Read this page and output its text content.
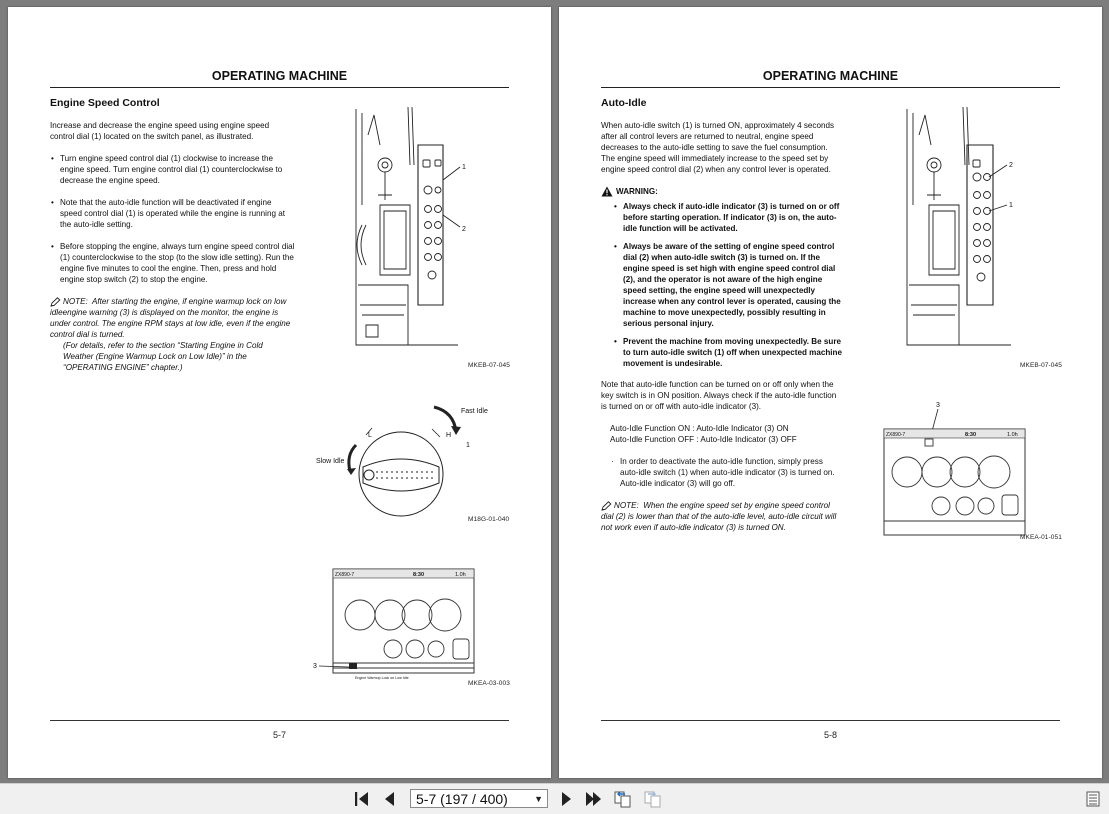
OPERATING MACHINE
Engine Speed Control

Increase and decrease the engine speed using engine speed control dial (1) located on the switch panel, as illustrated.

• Turn engine speed control dial (1) clockwise to increase the engine speed. Turn engine control dial (1) counterclockwise to decrease the engine speed.
• Note that the auto-idle function will be deactivated if engine speed control dial (1) is operated while the engine is running at the auto-idle setting.
• Before stopping the engine, always turn engine speed control dial (1) counterclockwise to the stop (to the slow idle setting). Run the engine five minutes to cool the engine. Then, press and hold engine stop switch (2) to stop the engine.
NOTE: After starting the engine, if engine warmup lock on low idleengine warning (3) is displayed on the monitor, the engine is under control. The engine RPM stays at low idle, even if the engine control dial is turned.

(For details, refer to the section “Starting Engine in Cold Weather (Engine Warmup Lock on Low Idle)” in the “OPERATING ENGINE” chapter.)
1
2
MKEB-07-045
L	H
Fast Idle
Slow Idle
1
M18G-01-040
ZX890-7	8:30	1.0h
Engine Warmup Lock on Low Idle
3
MKEA-03-003
5-7
OPERATING MACHINE
Auto-Idle

When auto-idle switch (1) is turned ON, approximately 4 seconds after all control levers are returned to neutral, engine speed decreases to the auto-idle setting to save the fuel consumption.

The engine speed will immediately increase to the speed set by engine speed control dial (2) when any control lever is operated.

WARNING:
• Always check if auto-idle indicator (3) is turned on or off before starting operation. If indicator (3) is on, the auto-idle function will be activated.
• Always be aware of the setting of engine speed control dial (2) when auto-idle switch (3) is turned on. If the engine speed is set high with engine speed control dial (2), and the operator is not aware of the high engine speed setting, the engine speed will unexpectedly increase when any control lever is operated, causing the machine to move unexpectedly, possibly resulting in serious personal injury.
• Prevent the machine from moving unexpectedly. Be sure to turn auto-idle switch (1) off when unexpected machine movement is undesirable.

Note that auto-idle function can be turned on or off only when the key switch is in ON position. Always check if the auto-idle function is turned on or off with auto-idle indicator (3).

Auto-Idle Function ON : Auto-Idle Indicator (3) ON
Auto-Idle Function OFF : Auto-Idle Indicator (3) OFF
· In order to deactivate the auto-idle function, simply press auto-idle switch (1) when auto-idle indicator (3) is turned on. Auto-idle indicator (3) will go off.
NOTE: When the engine speed set by engine speed control dial (2) is lower than that of the auto-idle level, auto-idle circuit will not work even if auto-idle indicator (3) is turned ON.
2
1
MKEB-07-045
3
ZX890-7	8:30	1.0h
MKEA-01-051
5-8
5-7 (197 / 400)	▼
